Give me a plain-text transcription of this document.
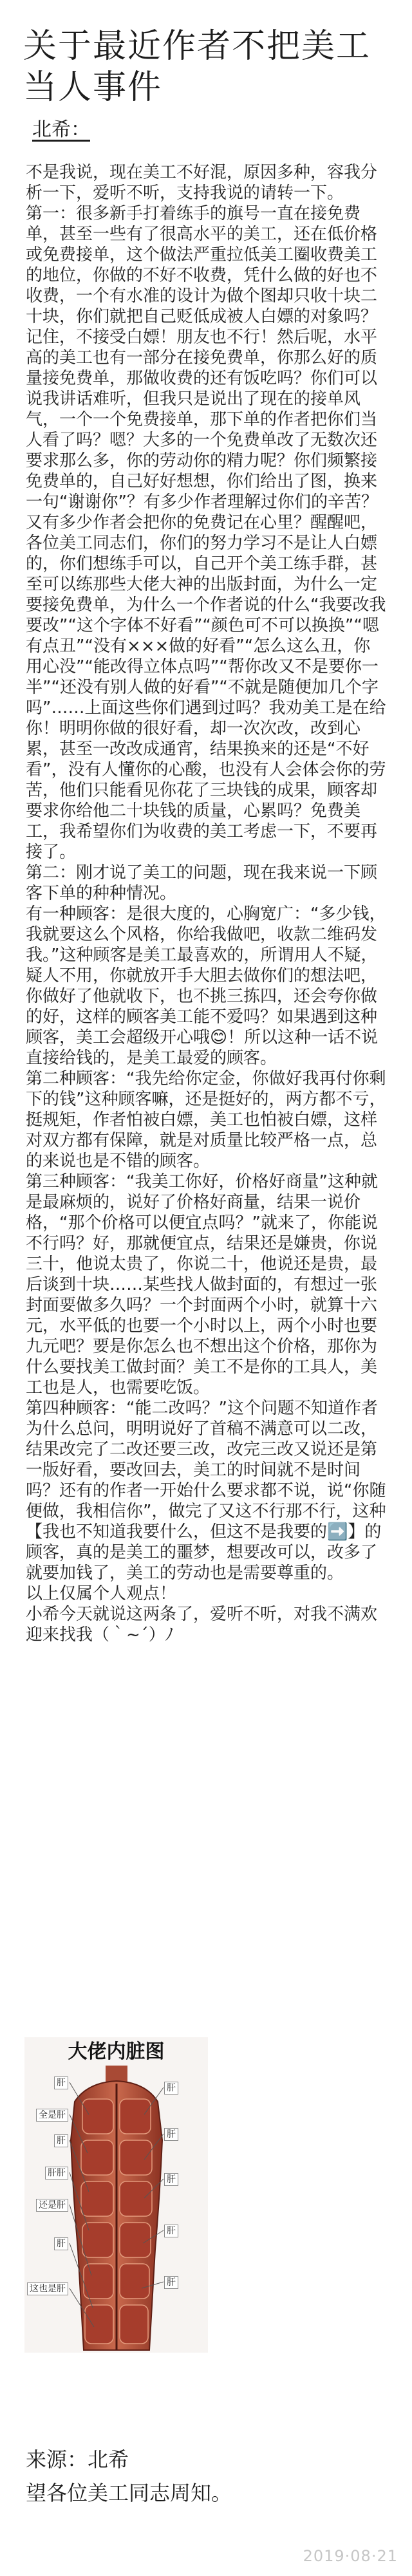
关于最近作者不把美工
当人事件
北希：

不是我说，现在美工不好混，原因多种，容我分析一下，爱听不听，支持我说的请转一下。

第一：很多新手打着练手的旗号一直在接免费单，甚至一些有了很高水平的美工，还在低价格或免费接单，这个做法严重拉低美工圈收费美工的地位，你做的不好不收费，凭什么做的好也不收费，一个有水准的设计为做个图却只收十块二十块，你们就把自己贬低成被人白嫖的对象吗？记住，不接受白嫖！朋友也不行！然后呢，水平高的美工也有一部分在接免费单，你那么好的质量接免费单，那做收费的还有饭吃吗？你们可以说我讲话难听，但我只是说出了现在的接单风气，一个一个免费接单，那下单的作者把你们当人看了吗？嗯？大多的一个免费单改了无数次还要求那么多，你的劳动你的精力呢？你们频繁接免费单的，自己好好想想，你们给出了图，换来一句“谢谢你”？有多少作者理解过你们的辛苦？又有多少作者会把你的免费记在心里？醒醒吧，各位美工同志们，你们的努力学习不是让人白嫖的，你们想练手可以，自己开个美工练手群，甚至可以练那些大佬大神的出版封面，为什么一定要接免费单，为什么一个作者说的什么“我要改我要改”“这个字体不好看”“颜色可不可以换换”“嗯有点丑”“没有×××做的好看”“怎么这么丑，你用心没”“能改得立体点吗”“帮你改又不是要你一半”“还没有别人做的好看”“不就是随便加几个字吗”……上面这些你们遇到过吗？我劝美工是在给你！明明你做的很好看，却一次次改，改到心累，甚至一改改成通宵，结果换来的还是“不好看”，没有人懂你的心酸，也没有人会体会你的劳苦，他们只能看见你花了三块钱的成果，顾客却要求你给他二十块钱的质量，心累吗？免费美工，我希望你们为收费的美工考虑一下，不要再接了。

第二：刚才说了美工的问题，现在我来说一下顾客下单的种种情况。

有一种顾客：是很大度的，心胸宽广：“多少钱，我就要这么个风格，你给我做吧，收款二维码发我。”这种顾客是美工最喜欢的，所谓用人不疑，疑人不用，你就放开手大胆去做你们的想法吧，你做好了他就收下，也不挑三拣四，还会夸你做的好，这样的顾客美工能不爱吗？如果遇到这种顾客，美工会超级开心哦😊！所以这种一话不说直接给钱的，是美工最爱的顾客。

第二种顾客：“我先给你定金，你做好我再付你剩下的钱”这种顾客嘛，还是挺好的，两方都不亏，挺规矩，作者怕被白嫖，美工也怕被白嫖，这样对双方都有保障，就是对质量比较严格一点，总的来说也是不错的顾客。

第三种顾客：“我美工你好，价格好商量”这种就是最麻烦的，说好了价格好商量，结果一说价格，“那个价格可以便宜点吗？”就来了，你能说不行吗？好，那就便宜点，结果还是嫌贵，你说三十，他说太贵了，你说二十，他说还是贵，最后谈到十块……某些找人做封面的，有想过一张封面要做多久吗？一个封面两个小时，就算十六元，水平低的也要一个小时以上，两个小时也要九元吧？要是你怎么也不想出这个价格，那你为什么要找美工做封面？美工不是你的工具人，美工也是人，也需要吃饭。

第四种顾客：“能二改吗？”这个问题不知道作者为什么总问，明明说好了首稿不满意可以二改，结果改完了二改还要三改，改完三改又说还是第一版好看，要改回去，美工的时间就不是时间吗？还有的作者一开始什么要求都不说，说“你随便做，我相信你”，做完了又这不行那不行，这种【我也不知道我要什么，但这不是我要的➡️】的顾客，真的是美工的噩梦，想要改可以，改多了就要加钱了，美工的劳动也是需要尊重的。

以上仅属个人观点！

小希今天就说这两条了，爱听不听，对我不满欢迎来找我（｀~´）ﾉ

大佬内脏图
肝
全是肝
肝
肝肝
还是肝
肝
这也是肝
肝
肝
肝
肝
肝
来源：北希
望各位美工同志周知。
2019·08·21
